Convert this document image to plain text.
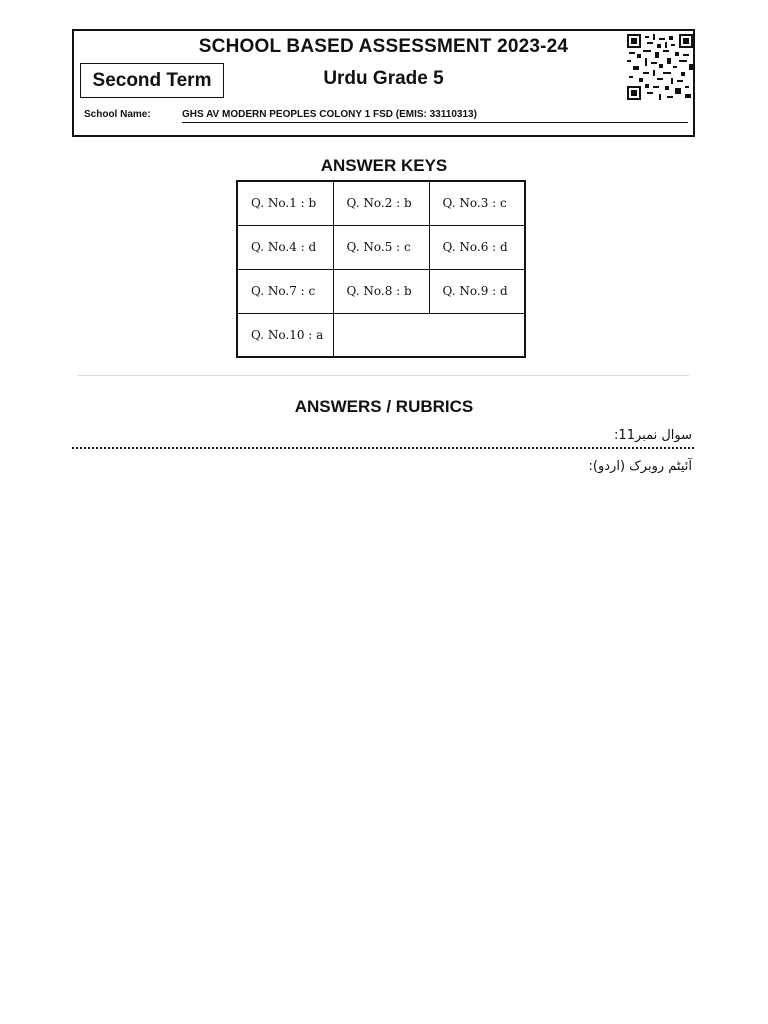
SCHOOL BASED ASSESSMENT 2023-24
Second Term	Urdu Grade 5
School Name:	GHS AV MODERN PEOPLES COLONY 1 FSD (EMIS: 33110313)
ANSWER KEYS
Q. No.1 : b	Q. No.2 : b	Q. No.3 : c
Q. No.4 : d	Q. No.5 : c	Q. No.6 : d
Q. No.7 : c	Q. No.8 : b	Q. No.9 : d
Q. No.10 : a		
ANSWERS / RUBRICS
سوال نمبر11:
آئیٹم روبرک (اردو):
